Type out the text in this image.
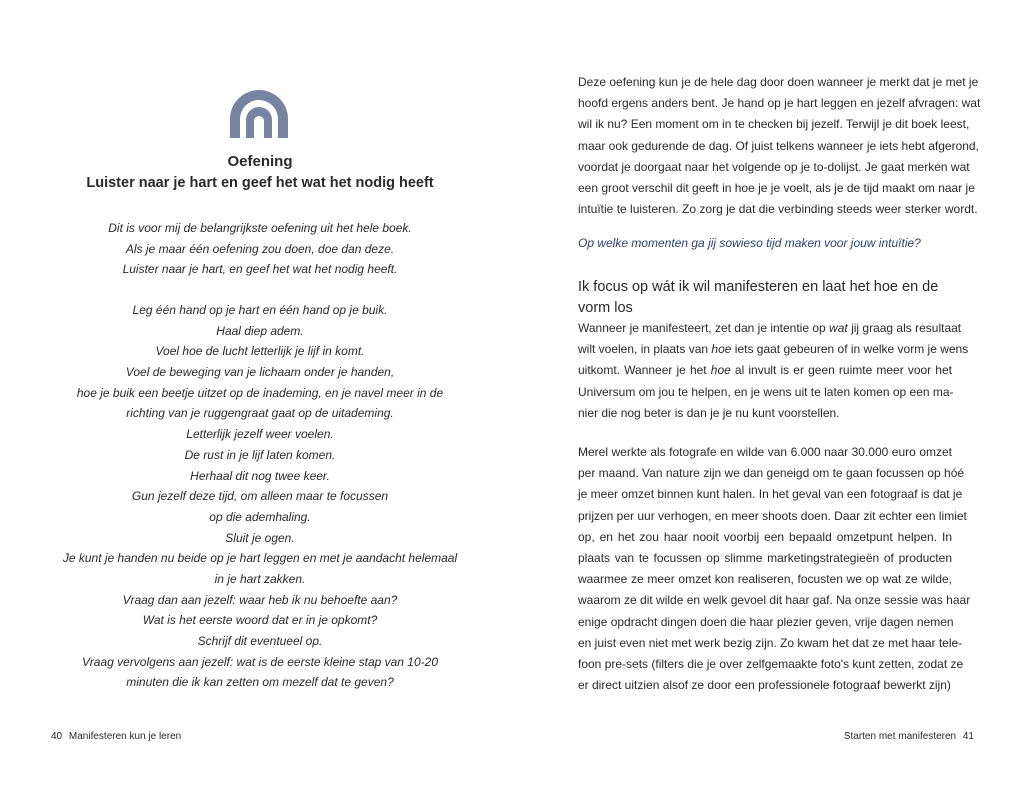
Oefening
Luister naar je hart en geef het wat het nodig heeft
Dit is voor mij de belangrijkste oefening uit het hele boek.
Als je maar één oefening zou doen, doe dan deze.
Luister naar je hart, en geef het wat het nodig heeft.
Leg één hand op je hart en één hand op je buik.
Haal diep adem.
Voel hoe de lucht letterlijk je lijf in komt.
Voel de beweging van je lichaam onder je handen,
hoe je buik een beetje uitzet op de inademing, en je navel meer in de
richting van je ruggengraat gaat op de uitademing.
Letterlijk jezelf weer voelen.
De rust in je lijf laten komen.
Herhaal dit nog twee keer.
Gun jezelf deze tijd, om alleen maar te focussen
op die ademhaling.
Sluit je ogen.
Je kunt je handen nu beide op je hart leggen en met je aandacht helemaal
in je hart zakken.
Vraag dan aan jezelf: waar heb ik nu behoefte aan?
Wat is het eerste woord dat er in je opkomt?
Schrijf dit eventueel op.
Vraag vervolgens aan jezelf: wat is de eerste kleine stap van 10-20
minuten die ik kan zetten om mezelf dat te geven?
40 Manifesteren kun je leren
Deze oefening kun je de hele dag door doen wanneer je merkt dat je met je
hoofd ergens anders bent. Je hand op je hart leggen en jezelf afvragen: wat
wil ik nu? Een moment om in te checken bij jezelf. Terwijl je dit boek leest,
maar ook gedurende de dag. Of juist telkens wanneer je iets hebt afgerond,
voordat je doorgaat naar het volgende op je to-dolijst. Je gaat merken wat
een groot verschil dit geeft in hoe je je voelt, als je de tijd maakt om naar je
intuïtie te luisteren. Zo zorg je dat die verbinding steeds weer sterker wordt.
Op welke momenten ga jij sowieso tijd maken voor jouw intuïtie?
Ik focus op wát ik wil manifesteren en laat het hoe en de vorm los
Wanneer je manifesteert, zet dan je intentie op wat jij graag als resultaat
wilt voelen, in plaats van hoe iets gaat gebeuren of in welke vorm je wens
uitkomt. Wanneer je het hoe al invult is er geen ruimte meer voor het
Universum om jou te helpen, en je wens uit te laten komen op een ma-
nier die nog beter is dan je je nu kunt voorstellen.
Merel werkte als fotografe en wilde van 6.000 naar 30.000 euro omzet
per maand. Van nature zijn we dan geneigd om te gaan focussen op hóé
je meer omzet binnen kunt halen. In het geval van een fotograaf is dat je
prijzen per uur verhogen, en meer shoots doen. Daar zit echter een limiet
op, en het zou haar nooit voorbij een bepaald omzetpunt helpen. In
plaats van te focussen op slimme marketingstrategieën of producten
waarmee ze meer omzet kon realiseren, focusten we op wat ze wilde,
waarom ze dit wilde en welk gevoel dit haar gaf. Na onze sessie was haar
enige opdracht dingen doen die haar plezier geven, vrije dagen nemen
en juist even niet met werk bezig zijn. Zo kwam het dat ze met haar tele-
foon pre-sets (filters die je over zelfgemaakte foto's kunt zetten, zodat ze
er direct uitzien alsof ze door een professionele fotograaf bewerkt zijn)
Starten met manifesteren 41
